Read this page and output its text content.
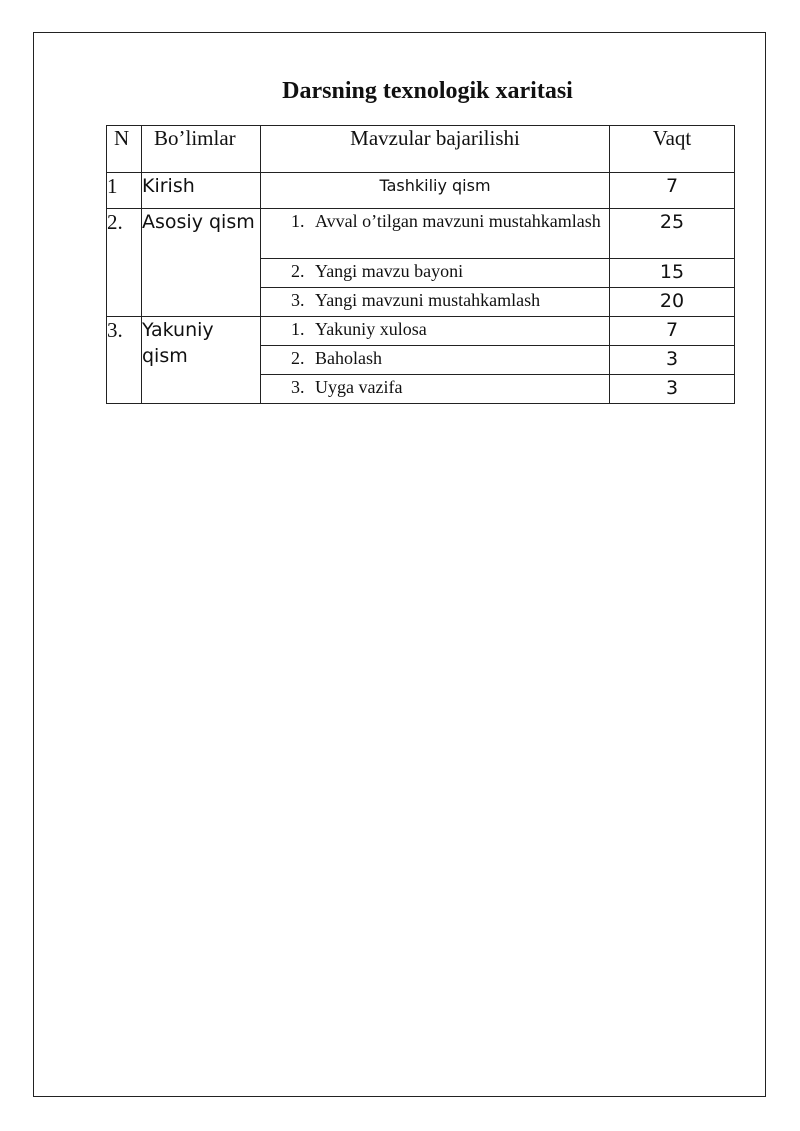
Darsning texnologik xaritasi
N	Bo’limlar	Mavzular bajarilishi	Vaqt
1	Kirish	Tashkiliy qism	7
2.	Asosiy qism	1. Avval o’tilgan mavzuni mustahkamlash	25

		2. Yangi mavzu bayoni	15

		3. Yangi mavzuni mustahkamlash	20
3.	Yakuniy qism	1. Yakuniy xulosa	7

		2. Baholash	3

		3. Uyga vazifa	3
